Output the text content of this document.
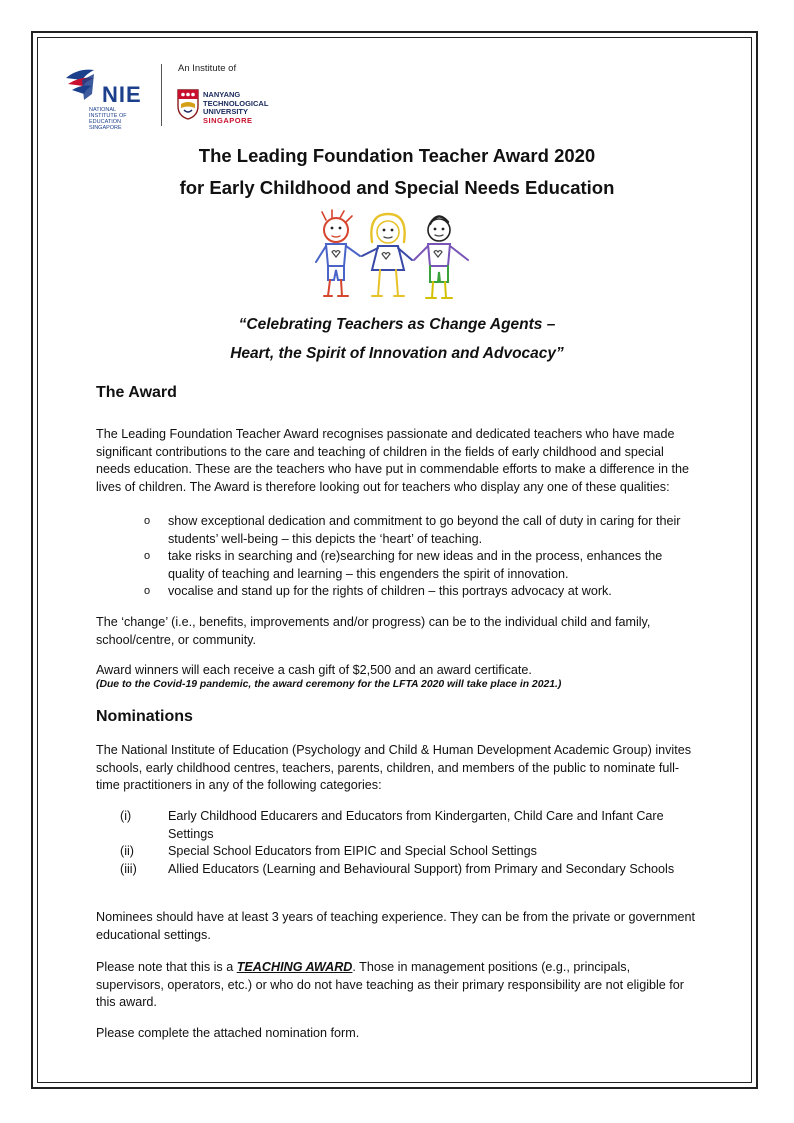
NIE
NATIONAL
INSTITUTE OF
EDUCATION
SINGAPORE
An Institute of
NANYANG
TECHNOLOGICAL
UNIVERSITY
SINGAPORE
The Leading Foundation Teacher Award 2020
for Early Childhood and Special Needs Education
“Celebrating Teachers as Change Agents –
Heart, the Spirit of Innovation and Advocacy”
The Award
The Leading Foundation Teacher Award recognises passionate and dedicated teachers who have made significant contributions to the care and teaching of children in the fields of early childhood and special needs education. These are the teachers who have put in commendable efforts to make a difference in the lives of children. The Award is therefore looking out for teachers who display any one of these qualities:
o show exceptional dedication and commitment to go beyond the call of duty in caring for their students’ well-being – this depicts the ‘heart’ of teaching.
o take risks in searching and (re)searching for new ideas and in the process, enhances the quality of teaching and learning – this engenders the spirit of innovation.
o vocalise and stand up for the rights of children – this portrays advocacy at work.
The ‘change’ (i.e., benefits, improvements and/or progress) can be to the individual child and family, school/centre, or community.
Award winners will each receive a cash gift of $2,500 and an award certificate.
(Due to the Covid-19 pandemic, the award ceremony for the LFTA 2020 will take place in 2021.)
Nominations
The National Institute of Education (Psychology and Child & Human Development Academic Group) invites schools, early childhood centres, teachers, parents, children, and members of the public to nominate full-time practitioners in any of the following categories:
(i)	Early Childhood Educarers and Educators from Kindergarten, Child Care and Infant Care Settings
(ii)	Special School Educators from EIPIC and Special School Settings
(iii) Allied Educators (Learning and Behavioural Support) from Primary and Secondary Schools
Nominees should have at least 3 years of teaching experience. They can be from the private or government educational settings.
Please note that this is a TEACHING AWARD. Those in management positions (e.g., principals, supervisors, operators, etc.) or who do not have teaching as their primary responsibility are not eligible for this award.
Please complete the attached nomination form.
